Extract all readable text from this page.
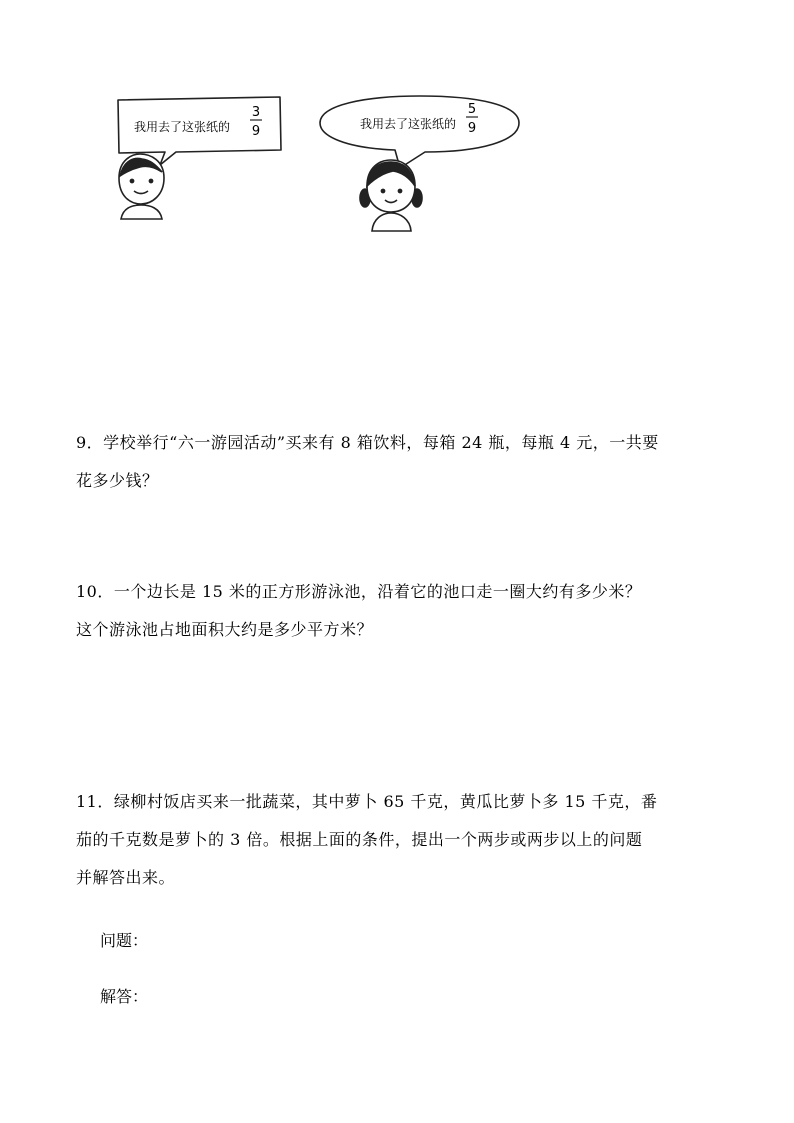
我用去了这张纸的
3
9	我用去了这张纸的
5
9

9．学校举行“六一游园活动”买来有 8 箱饮料，每箱 24 瓶，每瓶 4 元，一共要

花多少钱？

10．一个边长是 15 米的正方形游泳池，沿着它的池口走一圈大约有多少米？

这个游泳池占地面积大约是多少平方米？

11．绿柳村饭店买来一批蔬菜，其中萝卜 65 千克，黄瓜比萝卜多 15 千克，番

茄的千克数是萝卜的 3 倍。根据上面的条件，提出一个两步或两步以上的问题

并解答出来。

问题：
解答：
